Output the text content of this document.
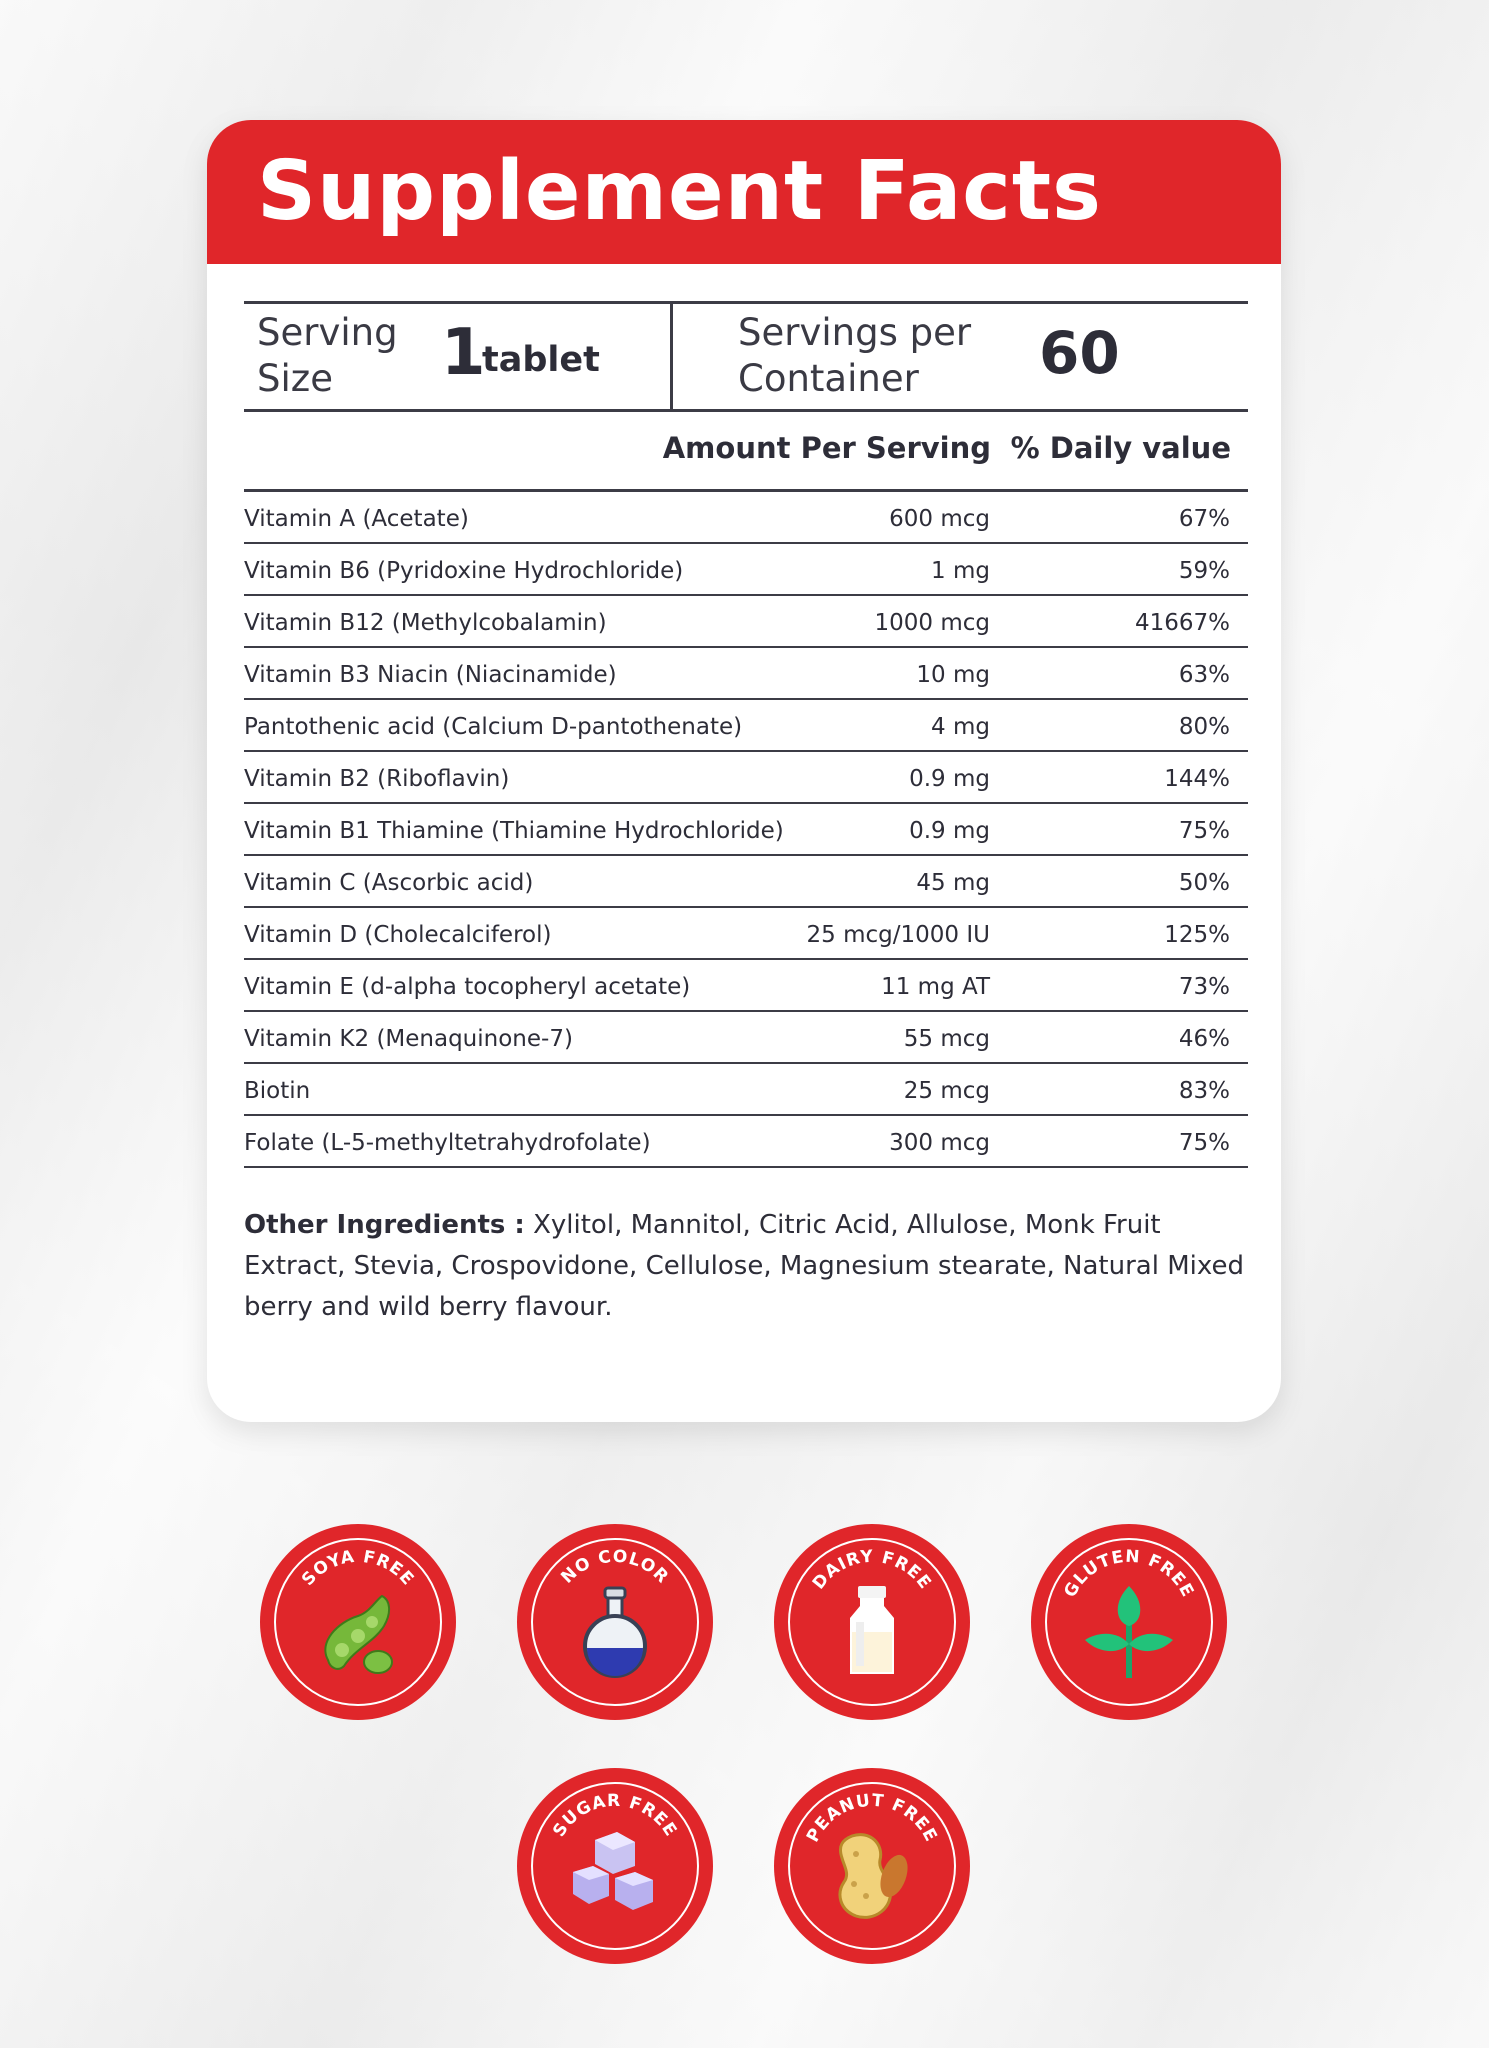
Supplement Facts
Serving
Size 1
tablet
Servings per
Container 60
Amount Per Serving % Daily value
Vitamin A (Acetate)	600 mcg	67%
Vitamin B6 (Pyridoxine Hydrochloride)	1 mg	59%
Vitamin B12 (Methylcobalamin)	1000 mcg	41667%
Vitamin B3 Niacin (Niacinamide)	10 mg	63%
Pantothenic acid (Calcium D-pantothenate)	4 mg	80%
Vitamin B2 (Riboflavin)	0.9 mg	144%
Vitamin B1 Thiamine (Thiamine Hydrochloride)	0.9 mg	75%
Vitamin C (Ascorbic acid)	45 mg	50%
Vitamin D (Cholecalciferol)	25 mcg/1000 IU	125%
Vitamin E (d-alpha tocopheryl acetate)	11 mg AT	73%
Vitamin K2 (Menaquinone-7)	55 mcg	46%
Biotin	25 mcg	83%
Folate (L-5-methyltetrahydrofolate)	300 mcg	75%

Other Ingredients : Xylitol, Mannitol, Citric Acid, Allulose, Monk Fruit Extract, Stevia, Crospovidone, Cellulose, Magnesium stearate, Natural Mixed berry and wild berry flavour.

SOYA FREE	NO COLOR	DAIRY FREE	GLUTEN FREE
SUGAR FREE	PEANUT FREE
